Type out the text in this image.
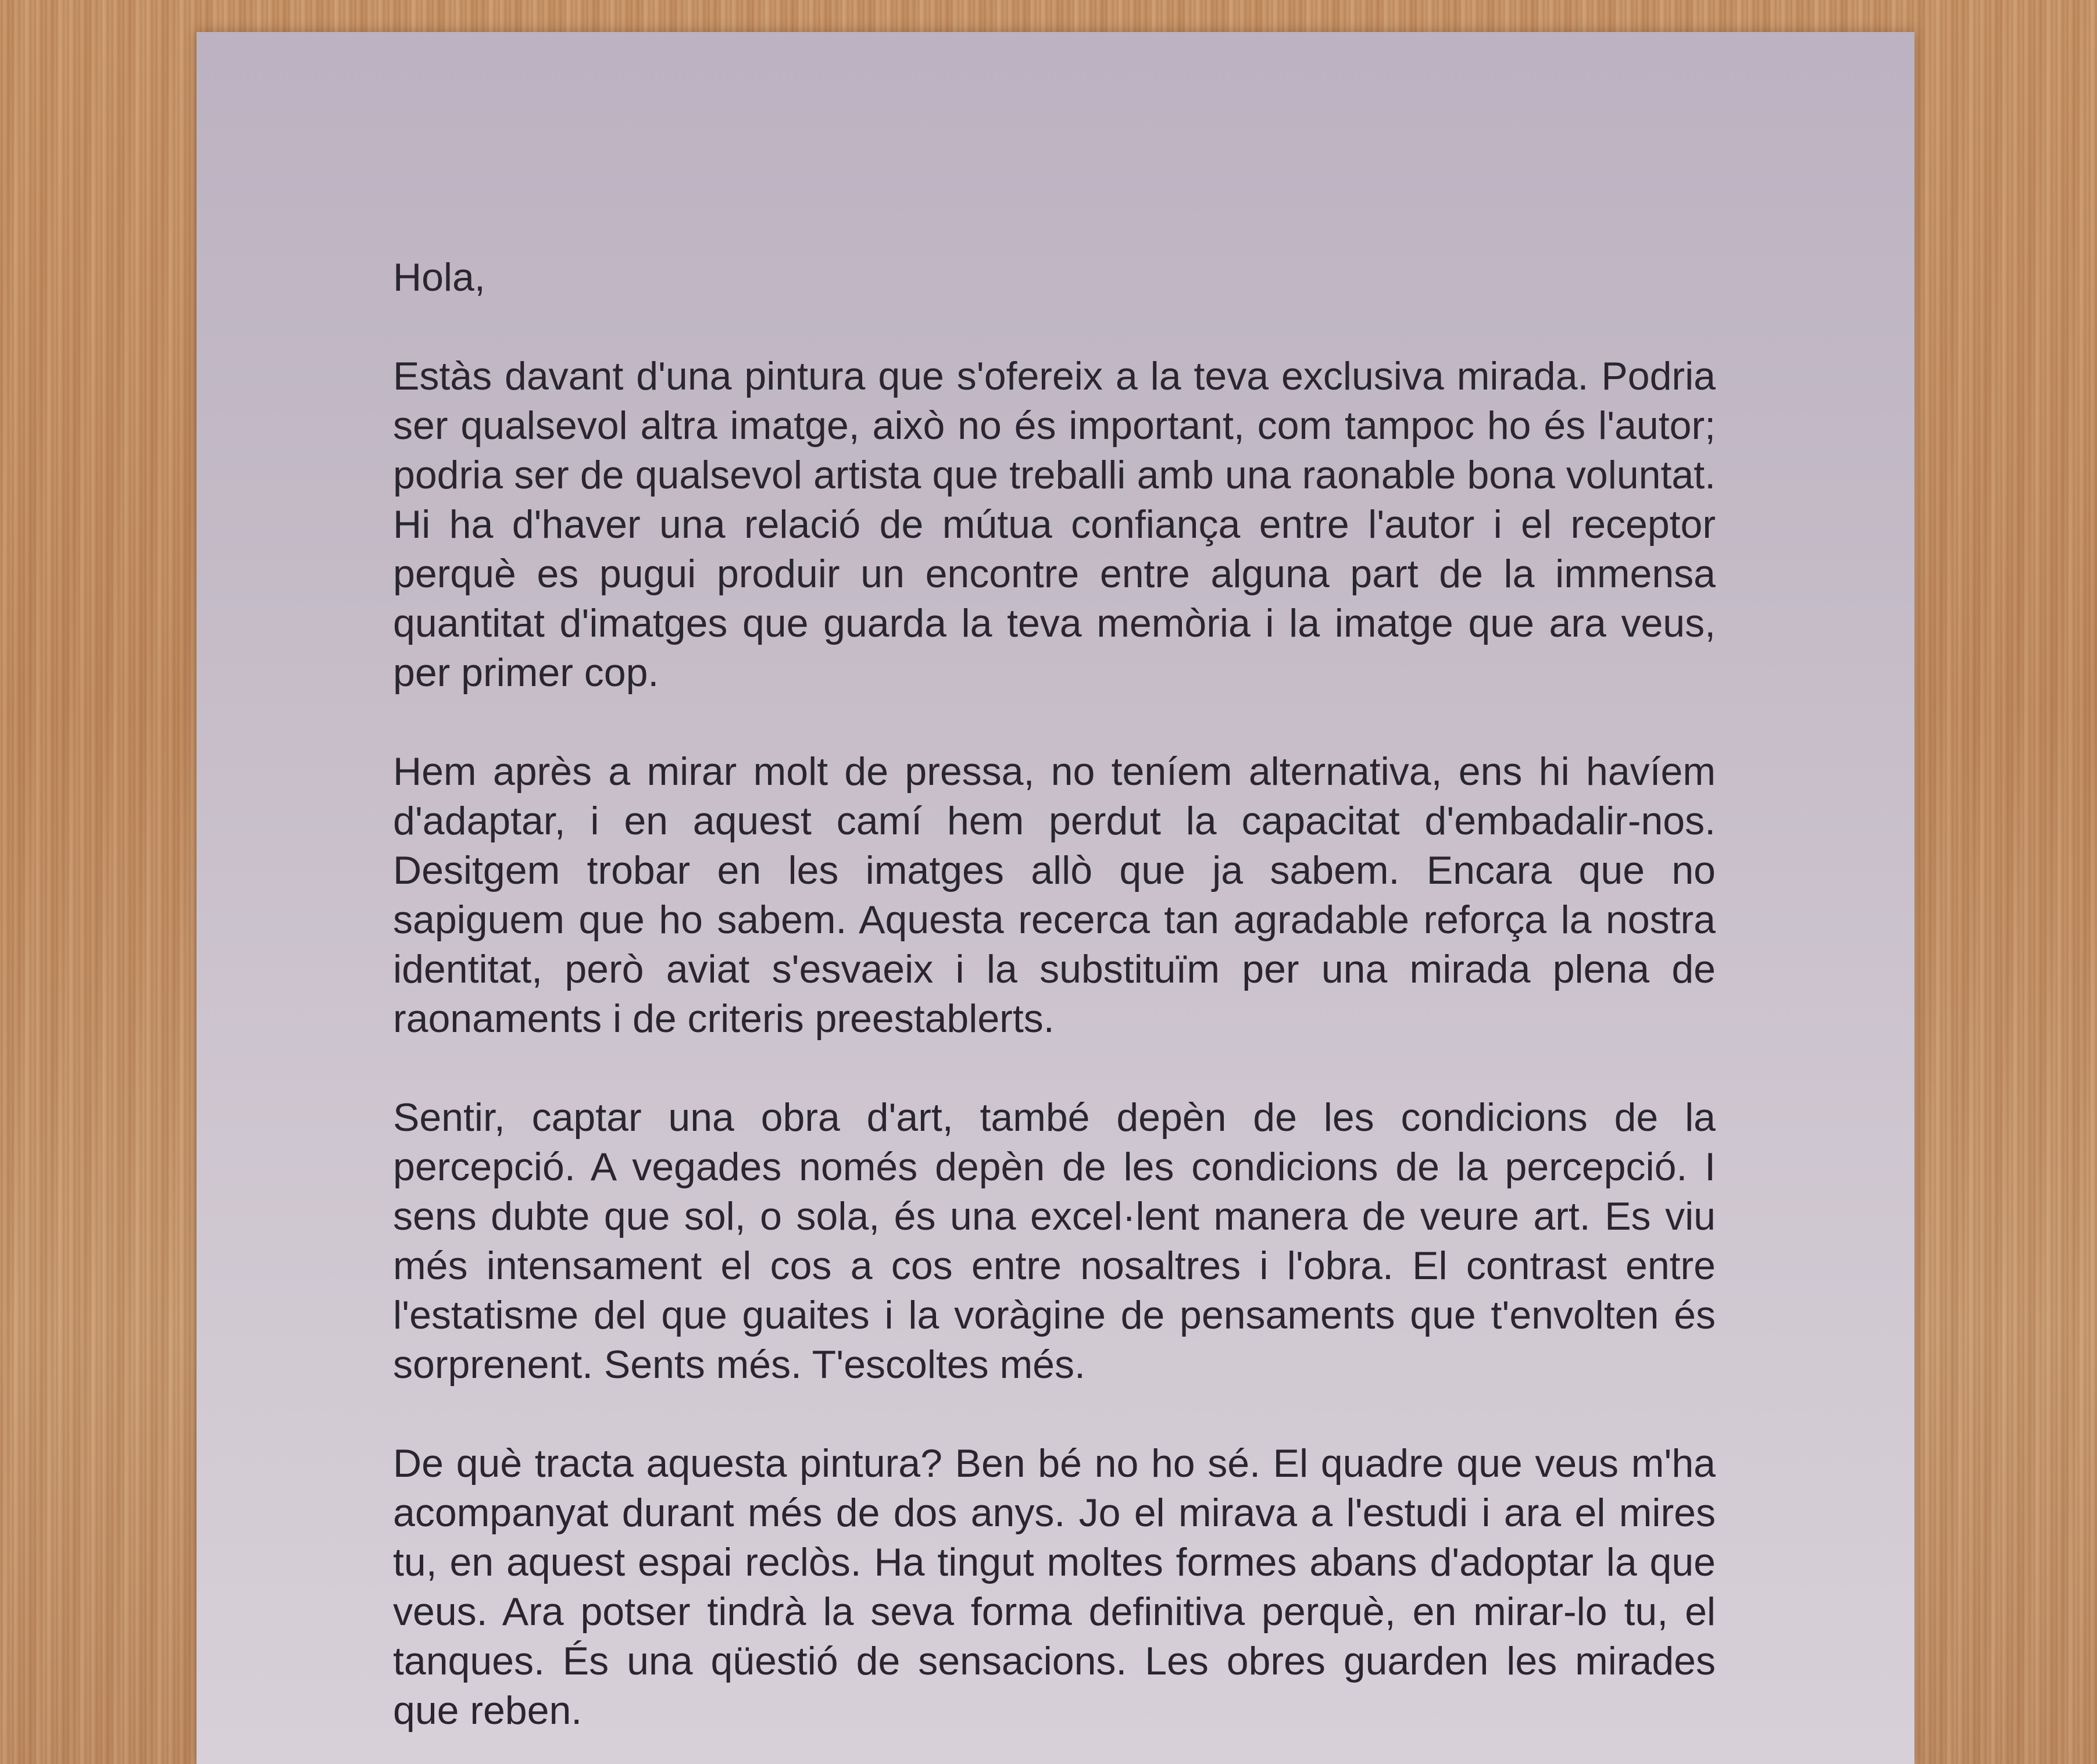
Hola,

Estàs davant d'una pintura que s'ofereix a la teva exclusiva mirada. Podria ser qualsevol altra imatge, això no és important, com tampoc ho és l'autor; podria ser de qualsevol artista que treballi amb una raonable bona voluntat. Hi ha d'haver una relació de mútua confiança entre l'autor i el receptor perquè es pugui produir un encontre entre alguna part de la immensa quantitat d'imatges que guarda la teva memòria i la imatge que ara veus, per primer cop.

Hem après a mirar molt de pressa, no teníem alternativa, ens hi havíem d'adaptar, i en aquest camí hem perdut la capacitat d'embadalir-nos. Desitgem trobar en les imatges allò que ja sabem. Encara que no sapiguem que ho sabem. Aquesta recerca tan agradable reforça la nostra identitat, però aviat s'esvaeix i la substituïm per una mirada plena de raonaments i de criteris preestablerts.

Sentir, captar una obra d'art, també depèn de les condicions de la percepció. A vegades només depèn de les condicions de la percepció. I sens dubte que sol, o sola, és una excel·lent manera de veure art. Es viu més intensament el cos a cos entre nosaltres i l'obra. El contrast entre l'estatisme del que guaites i la voràgine de pensaments que t'envolten és sorprenent. Sents més. T'escoltes més.

De què tracta aquesta pintura? Ben bé no ho sé. El quadre que veus m'ha acompanyat durant més de dos anys. Jo el mirava a l'estudi i ara el mires tu, en aquest espai reclòs. Ha tingut moltes formes abans d'adoptar la que veus. Ara potser tindrà la seva forma definitiva perquè, en mirar-lo tu, el tanques. És una qüestió de sensacions. Les obres guarden les mirades que reben.
